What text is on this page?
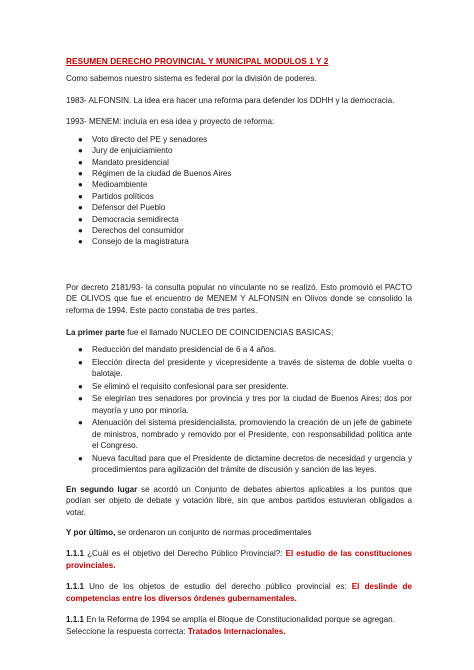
RESUMEN DERECHO PROVINCIAL Y MUNICIPAL MODULOS 1 Y 2

Como sabemos nuestro sistema es federal por la división de poderes.

1983- ALFONSIN. La idea era hacer una reforma para defender los DDHH y la democracia.

1993- MENEM: incluía en esa idea y proyecto de reforma:

● Voto directo del PE y senadores
● Jury de enjuiciamiento
● Mandato presidencial
● Régimen de la ciudad de Buenos Aires
● Medioambiente
● Partidos políticos
● Defensor del Pueblo
● Democracia semidirecta
● Derechos del consumidor
● Consejo de la magistratura

Por decreto 2181/93- la consulta popular no vinculante no se realizó. Esto promovió el PACTO DE OLIVOS que fue el encuentro de MENEM Y ALFONSIN en Olivos donde se consolido la reforma de 1994. Este pacto constaba de tres partes.

La primer parte fue el llamado NUCLEO DE COINCIDENCIAS BASICAS;

● Reducción del mandato presidencial de 6 a 4 años.
● Elección directa del presidente y vicepresidente a través de sistema de doble vuelta o balotaje.
● Se eliminó el requisito confesional para ser presidente.
● Se elegirían tres senadores por provincia y tres por la ciudad de Buenos Aires; dos por mayoría y uno por minoría.
● Atenuación del sistema presidencialista, promoviendo la creación de un jefe de gabinete de ministros, nombrado y removido por el Presidente, con responsabilidad política ante el Congreso.
● Nueva facultad para que el Presidente de dictamine decretos de necesidad y urgencia y procedimientos para agilización del trámite de discusión y sanción de las leyes.

En segundo lugar se acordó un Conjunto de debates abiertos aplicables a los puntos que podían ser objeto de debate y votación libre, sin que ambos partidos estuvieran obligados a votar.

Y por último, se ordenaron un conjunto de normas procedimentales

1.1.1 ¿Cuál es el objetivo del Derecho Público Provincial?: El estudio de las constituciones provinciales.

1.1.1 Uno de los objetos de estudio del derecho público provincial es: El deslinde de competencias entre los diversos órdenes gubernamentales.

1.1.1 En la Reforma de 1994 se amplía el Bloque de Constitucionalidad porque se agregan. Seleccione la respuesta correcta: Tratados Internacionales.
